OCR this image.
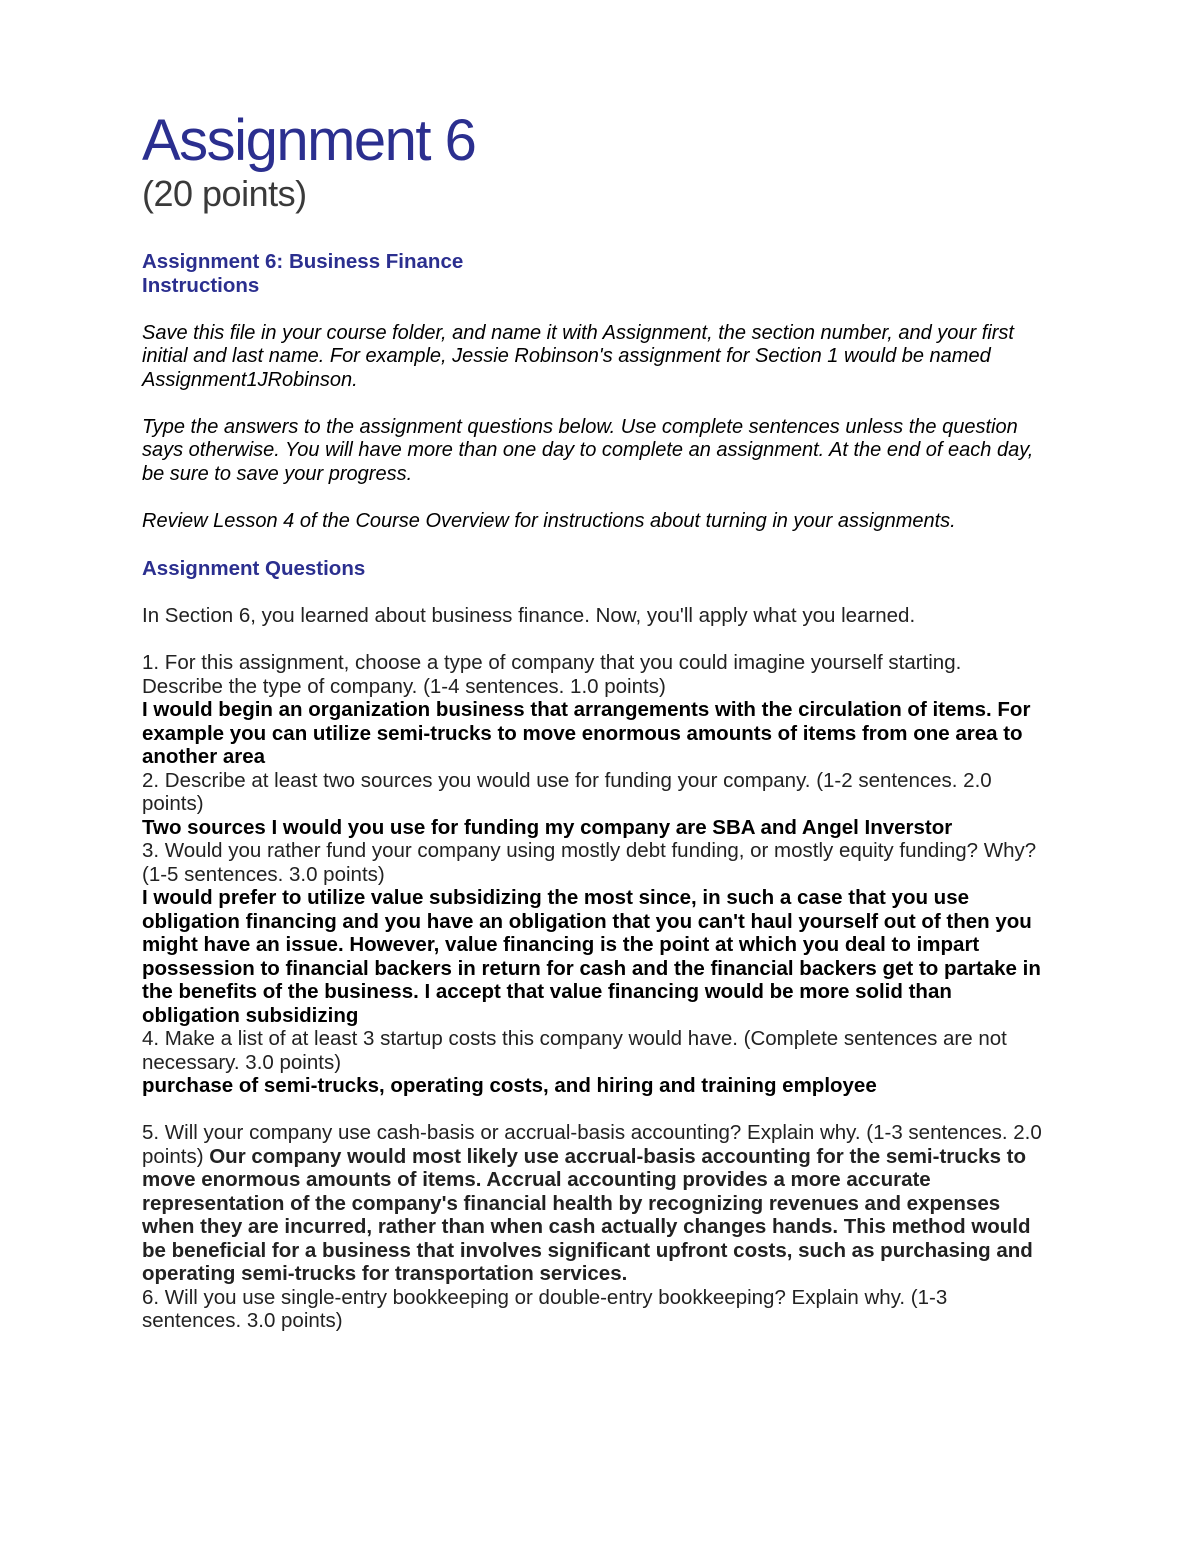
Assignment 6
(20 points)
Assignment 6: Business Finance
Instructions

Save this file in your course folder, and name it with Assignment, the section number, and your first initial and last name. For example, Jessie Robinson's assignment for Section 1 would be named Assignment1JRobinson.

Type the answers to the assignment questions below. Use complete sentences unless the question says otherwise. You will have more than one day to complete an assignment. At the end of each day, be sure to save your progress.

Review Lesson 4 of the Course Overview for instructions about turning in your assignments.

Assignment Questions

In Section 6, you learned about business finance. Now, you'll apply what you learned.

1. For this assignment, choose a type of company that you could imagine yourself starting. Describe the type of company. (1-4 sentences. 1.0 points)

I would begin an organization business that arrangements with the circulation of items. For example you can utilize semi-trucks to move enormous amounts of items from one area to another area

2. Describe at least two sources you would use for funding your company. (1-2 sentences. 2.0 points)

Two sources I would you use for funding my company are SBA and Angel Inverstor

3. Would you rather fund your company using mostly debt funding, or mostly equity funding? Why? (1-5 sentences. 3.0 points)

I would prefer to utilize value subsidizing the most since, in such a case that you use obligation financing and you have an obligation that you can't haul yourself out of then you might have an issue. However, value financing is the point at which you deal to impart possession to financial backers in return for cash and the financial backers get to partake in the benefits of the business. I accept that value financing would be more solid than obligation subsidizing

4. Make a list of at least 3 startup costs this company would have. (Complete sentences are not necessary. 3.0 points)

purchase of semi-trucks, operating costs, and hiring and training employee

5. Will your company use cash-basis or accrual-basis accounting? Explain why. (1-3 sentences. 2.0 points) Our company would most likely use accrual-basis accounting for the semi-trucks to move enormous amounts of items. Accrual accounting provides a more accurate representation of the company's financial health by recognizing revenues and expenses when they are incurred, rather than when cash actually changes hands. This method would be beneficial for a business that involves significant upfront costs, such as purchasing and operating semi-trucks for transportation services.

6. Will you use single-entry bookkeeping or double-entry bookkeeping? Explain why. (1-3 sentences. 3.0 points)
